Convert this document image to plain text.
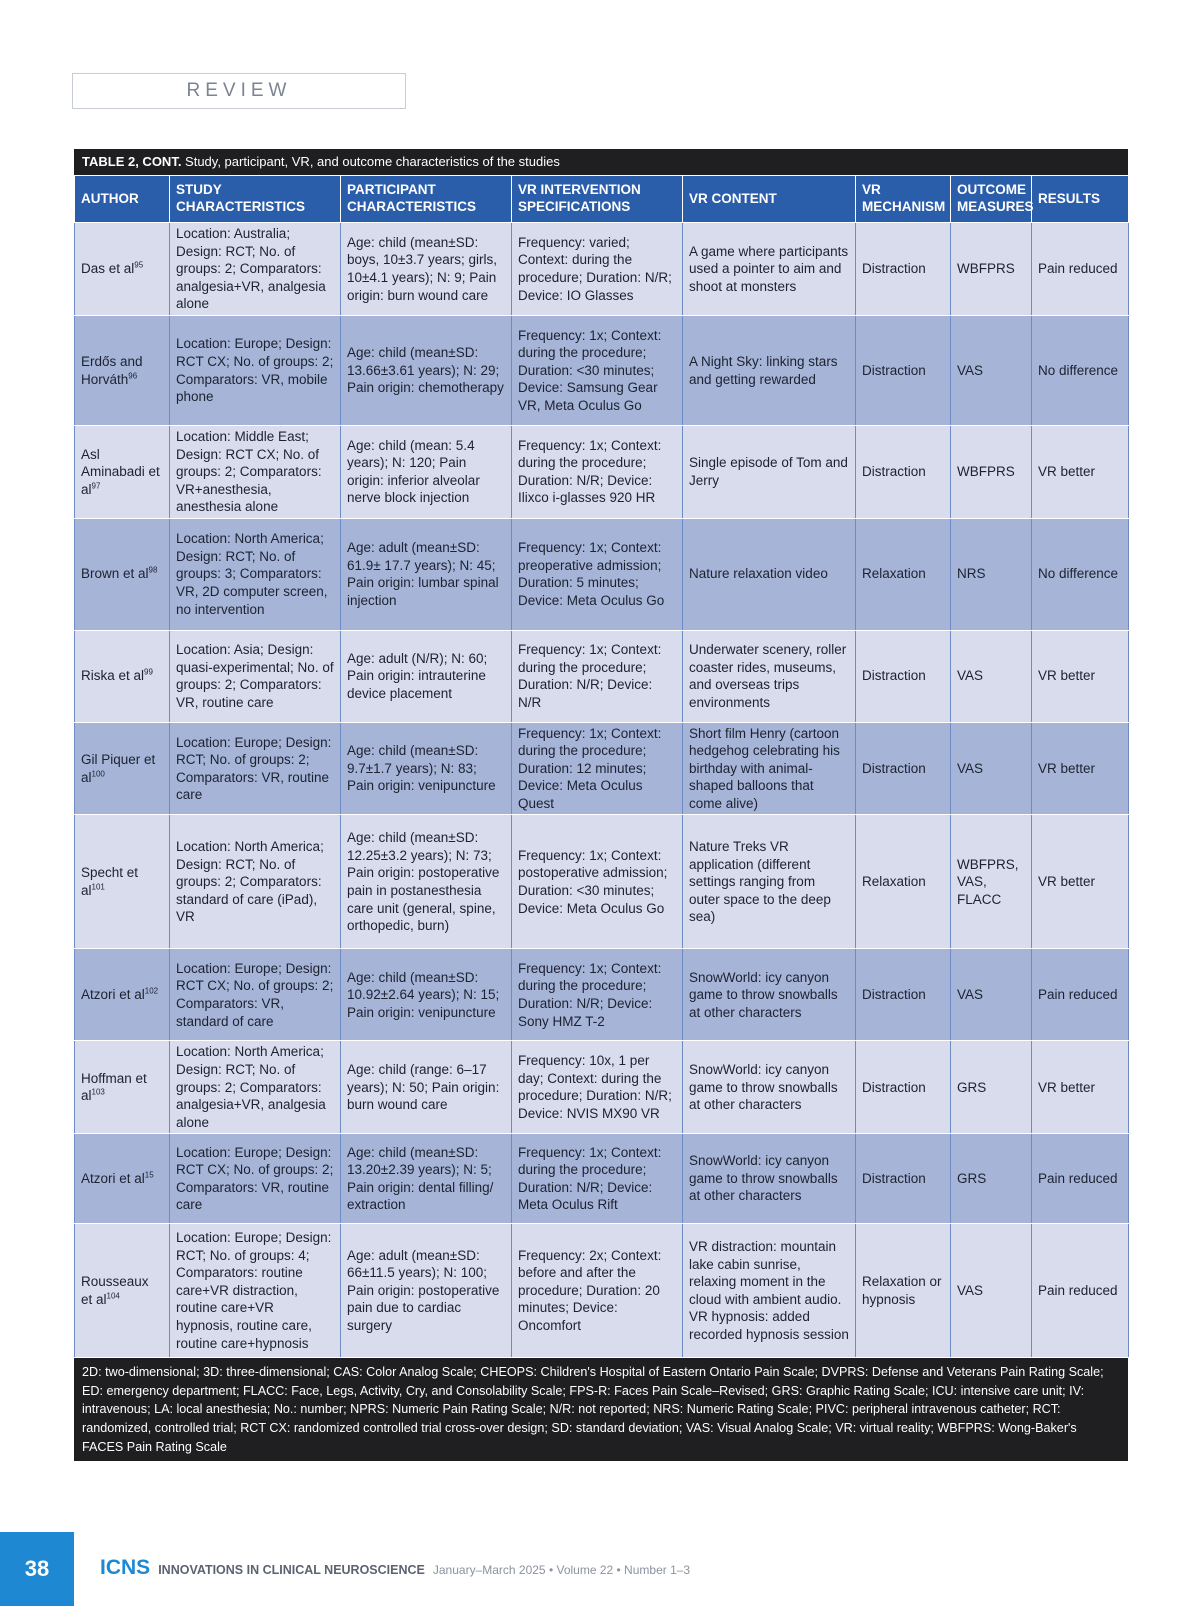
REVIEW
TABLE 2, CONT. Study, participant, VR, and outcome characteristics of the studies
AUTHOR	STUDY CHARACTERISTICS	PARTICIPANT CHARACTERISTICS	VR INTERVENTION SPECIFICATIONS	VR CONTENT	VR MECHANISM	OUTCOME MEASURES	RESULTS
Das et $al^{95}$	Location: Australia; Design: RCT; No. of groups: 2; Comparators: analgesia+VR, analgesia alone	Age: child (mean±SD: boys, 10±3.7 years; girls, 10±4.1 years); N: 9; Pain origin: burn wound care	Frequency: varied; Context: during the procedure; Duration: N/R; Device: IO Glasses	A game where participants used a pointer to aim and shoot at monsters	Distraction	WBFPRS	Pain reduced
Erdős and Horváth$^{96}$	Location: Europe; Design: RCT CX; No. of groups: 2; Comparators: VR, mobile phone	Age: child (mean±SD: 13.66±3.61 years); N: 29; Pain origin: chemotherapy	Frequency: 1x; Context: during the procedure; Duration: <30 minutes; Device: Samsung Gear VR, Meta Oculus Go	A Night Sky: linking stars and getting rewarded	Distraction	VAS	No difference
Asl Aminabadi et $al^{97}$	Location: Middle East; Design: RCT CX; No. of groups: 2; Comparators: VR+anesthesia, anesthesia alone	Age: child (mean: 5.4 years); N: 120; Pain origin: inferior alveolar nerve block injection	Frequency: 1x; Context: during the procedure; Duration: N/R; Device: Ilixco i-glasses 920 HR	Single episode of Tom and Jerry	Distraction	WBFPRS	VR better
Brown et $al^{98}$	Location: North America; Design: RCT; No. of groups: 3; Comparators: VR, 2D computer screen, no intervention	Age: adult (mean±SD: 61.9± 17.7 years); N: 45; Pain origin: lumbar spinal injection	Frequency: 1x; Context: preoperative admission; Duration: 5 minutes; Device: Meta Oculus Go	Nature relaxation video	Relaxation	NRS	No difference
Riska et $al^{99}$	Location: Asia; Design: quasi-experimental; No. of groups: 2; Comparators: VR, routine care	Age: adult (N/R); N: 60; Pain origin: intrauterine device placement	Frequency: 1x; Context: during the procedure; Duration: N/R; Device: N/R	Underwater scenery, roller coaster rides, museums, and overseas trips environments	Distraction	VAS	VR better
Gil Piquer et $al^{100}$	Location: Europe; Design: RCT; No. of groups: 2; Comparators: VR, routine care	Age: child (mean±SD: 9.7±1.7 years); N: 83; Pain origin: venipuncture	Frequency: 1x; Context: during the procedure; Duration: 12 minutes; Device: Meta Oculus Quest	Short film Henry (cartoon hedgehog celebrating his birthday with animal-shaped balloons that come alive)	Distraction	VAS	VR better
Specht et $al^{101}$	Location: North America; Design: RCT; No. of groups: 2; Comparators: standard of care (iPad), VR	Age: child (mean±SD: 12.25±3.2 years); N: 73; Pain origin: postoperative pain in postanesthesia care unit (general, spine, orthopedic, burn)	Frequency: 1x; Context: postoperative admission; Duration: <30 minutes; Device: Meta Oculus Go	Nature Treks VR application (different settings ranging from outer space to the deep sea)	Relaxation	WBFPRS, VAS, FLACC	VR better
Atzori et $al^{102}$	Location: Europe; Design: RCT CX; No. of groups: 2; Comparators: VR, standard of care	Age: child (mean±SD: 10.92±2.64 years); N: 15; Pain origin: venipuncture	Frequency: 1x; Context: during the procedure; Duration: N/R; Device: Sony HMZ T-2	SnowWorld: icy canyon game to throw snowballs at other characters	Distraction	VAS	Pain reduced
Hoffman et $al^{103}$	Location: North America; Design: RCT; No. of groups: 2; Comparators: analgesia+VR, analgesia alone	Age: child (range: 6–17 years); N: 50; Pain origin: burn wound care	Frequency: 10x, 1 per day; Context: during the procedure; Duration: N/R; Device: NVIS MX90 VR	SnowWorld: icy canyon game to throw snowballs at other characters	Distraction	GRS	VR better
Atzori et $al^{15}$	Location: Europe; Design: RCT CX; No. of groups: 2; Comparators: VR, routine care	Age: child (mean±SD: 13.20±2.39 years); N: 5; Pain origin: dental filling/ extraction	Frequency: 1x; Context: during the procedure; Duration: N/R; Device: Meta Oculus Rift	SnowWorld: icy canyon game to throw snowballs at other characters	Distraction	GRS	Pain reduced
Rousseaux et $al^{104}$	Location: Europe; Design: RCT; No. of groups: 4; Comparators: routine care+VR distraction, routine care+VR hypnosis, routine care, routine care+hypnosis	Age: adult (mean±SD: 66±11.5 years); N: 100; Pain origin: postoperative pain due to cardiac surgery	Frequency: 2x; Context: before and after the procedure; Duration: 20 minutes; Device: Oncomfort	VR distraction: mountain lake cabin sunrise, relaxing moment in the cloud with ambient audio. VR hypnosis: added recorded hypnosis session	Relaxation or hypnosis	VAS	Pain reduced
2D: two-dimensional; 3D: three-dimensional; CAS: Color Analog Scale; CHEOPS: Children's Hospital of Eastern Ontario Pain Scale; DVPRS: Defense and Veterans Pain Rating Scale; ED: emergency department; FLACC: Face, Legs, Activity, Cry, and Consolability Scale; FPS-R: Faces Pain Scale–Revised; GRS: Graphic Rating Scale; ICU: intensive care unit; IV: intravenous; LA: local anesthesia; No.: number; NPRS: Numeric Pain Rating Scale; N/R: not reported; NRS: Numeric Rating Scale; PIVC: peripheral intravenous catheter; RCT: randomized, controlled trial; RCT CX: randomized controlled trial cross-over design; SD: standard deviation; VAS: Visual Analog Scale; VR: virtual reality; WBFPRS: Wong-Baker's FACES Pain Rating Scale
38	ICNS INNOVATIONS IN CLINICAL NEUROSCIENCE January–March 2025 • Volume 22 • Number 1–3
